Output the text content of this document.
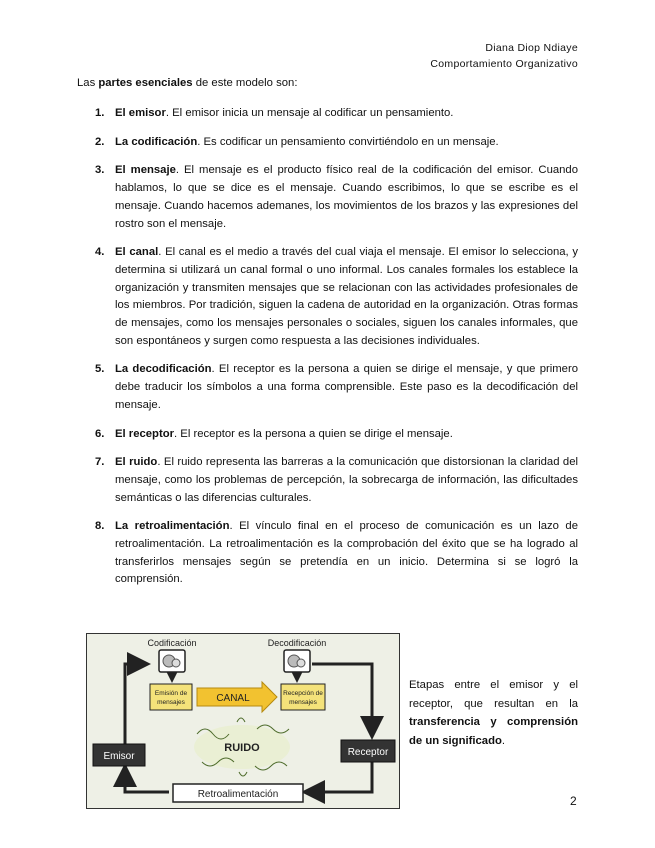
Diana Diop Ndiaye
Comportamiento Organizativo
Las partes esenciales de este modelo son:
1. El emisor. El emisor inicia un mensaje al codificar un pensamiento.
2. La codificación. Es codificar un pensamiento convirtiéndolo en un mensaje.
3. El mensaje. El mensaje es el producto físico real de la codificación del emisor. Cuando hablamos, lo que se dice es el mensaje. Cuando escribimos, lo que se escribe es el mensaje. Cuando hacemos ademanes, los movimientos de los brazos y las expresiones del rostro son el mensaje.
4. El canal. El canal es el medio a través del cual viaja el mensaje. El emisor lo selecciona, y determina si utilizará un canal formal o uno informal. Los canales formales los establece la organización y transmiten mensajes que se relacionan con las actividades profesionales de los miembros. Por tradición, siguen la cadena de autoridad en la organización. Otras formas de mensajes, como los mensajes personales o sociales, siguen los canales informales, que son espontáneos y surgen como respuesta a las decisiones individuales.
5. La decodificación. El receptor es la persona a quien se dirige el mensaje, y que primero debe traducir los símbolos a una forma comprensible. Este paso es la decodificación del mensaje.
6. El receptor. El receptor es la persona a quien se dirige el mensaje.
7. El ruido. El ruido representa las barreras a la comunicación que distorsionan la claridad del mensaje, como los problemas de percepción, la sobrecarga de información, las dificultades semánticas o las diferencias culturales.
8. La retroalimentación. El vínculo final en el proceso de comunicación es un lazo de retroalimentación. La retroalimentación es la comprobación del éxito que se ha logrado al transferirlos mensajes según se pretendía en un inicio. Determina si se logró la comprensión.
Codificación	Decodificación
Emisión de
mensajes	CANAL	Recepción de
mensajes
RUIDO
Emisor	Receptor
Retroalimentación
Etapas entre el emisor y el receptor, que resultan en la transferencia y comprensión de un significado.
2
